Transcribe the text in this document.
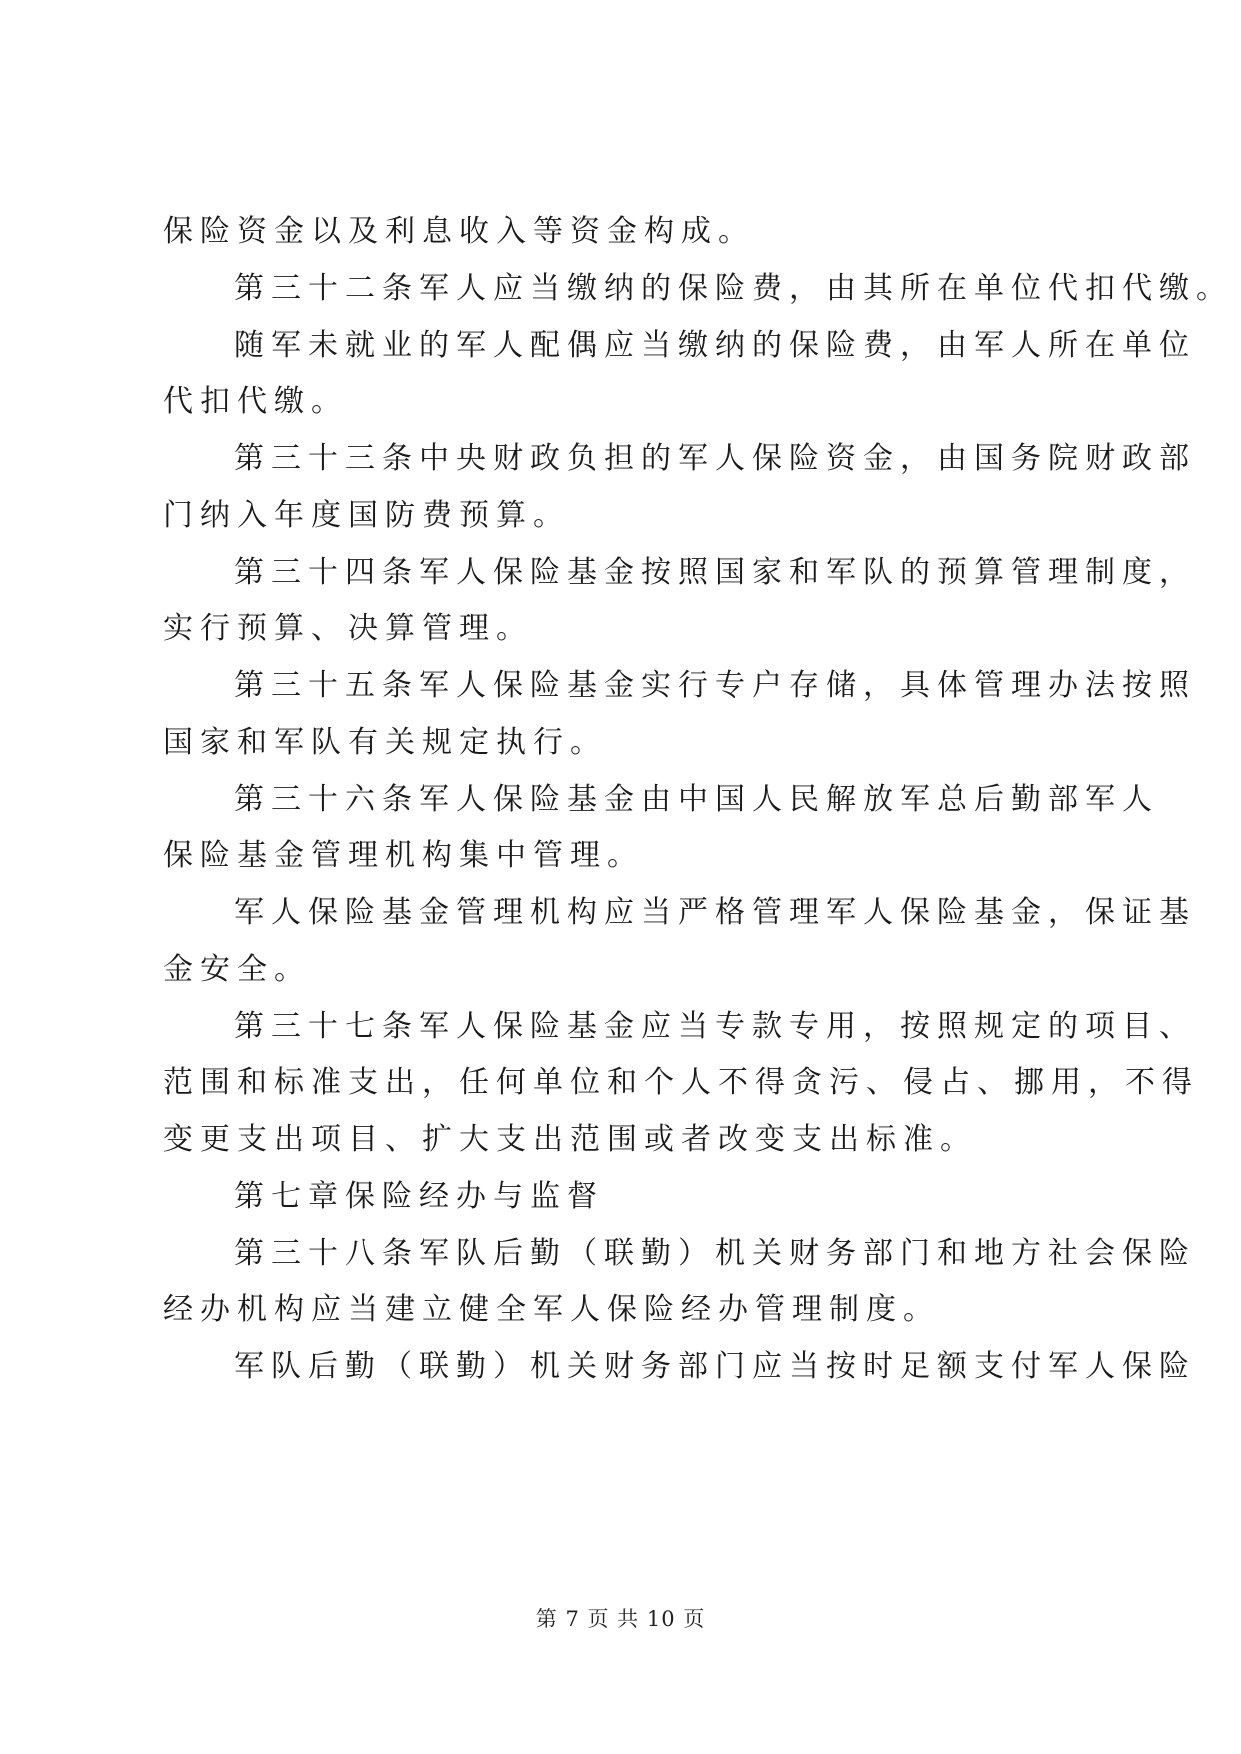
保险资金以及利息收入等资金构成。
第三十二条军人应当缴纳的保险费，由其所在单位代扣代缴。
随军未就业的军人配偶应当缴纳的保险费，由军人所在单位
代扣代缴。
第三十三条中央财政负担的军人保险资金，由国务院财政部
门纳入年度国防费预算。
第三十四条军人保险基金按照国家和军队的预算管理制度，
实行预算、决算管理。
第三十五条军人保险基金实行专户存储，具体管理办法按照
国家和军队有关规定执行。
第三十六条军人保险基金由中国人民解放军总后勤部军人
保险基金管理机构集中管理。
军人保险基金管理机构应当严格管理军人保险基金，保证基
金安全。
第三十七条军人保险基金应当专款专用，按照规定的项目、
范围和标准支出，任何单位和个人不得贪污、侵占、挪用，不得
变更支出项目、扩大支出范围或者改变支出标准。
第七章保险经办与监督
第三十八条军队后勤（联勤）机关财务部门和地方社会保险
经办机构应当建立健全军人保险经办管理制度。
军队后勤（联勤）机关财务部门应当按时足额支付军人保险
第 7 页 共 10 页
